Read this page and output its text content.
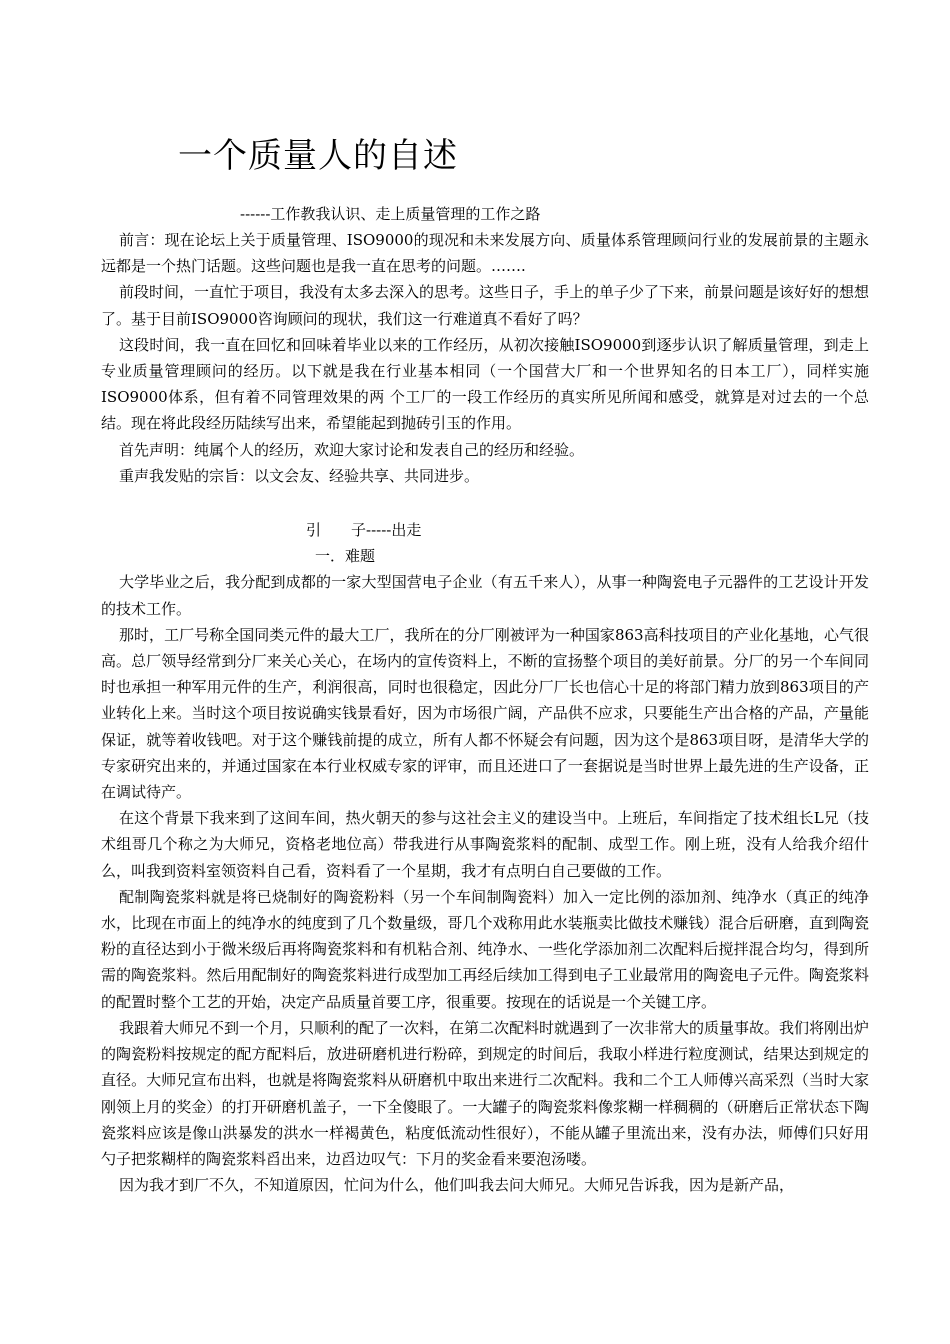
一个质量人的自述
------工作教我认识、走上质量管理的工作之路

前言：现在论坛上关于质量管理、ISO9000的现况和未来发展方向、质量体系管理顾问行业的发展前景的主题永远都是一个热门话题。这些问题也是我一直在思考的问题。…….

前段时间，一直忙于项目，我没有太多去深入的思考。这些日子，手上的单子少了下来，前景问题是该好好的想想了。基于目前ISO9000咨询顾问的现状，我们这一行难道真不看好了吗？

这段时间，我一直在回忆和回味着毕业以来的工作经历，从初次接触ISO9000到逐步认识了解质量管理，到走上专业质量管理顾问的经历。以下就是我在行业基本相同（一个国营大厂和一个世界知名的日本工厂），同样实施ISO9000体系，但有着不同管理效果的两 个工厂的一段工作经历的真实所见所闻和感受，就算是对过去的一个总结。现在将此段经历陆续写出来，希望能起到抛砖引玉的作用。

首先声明：纯属个人的经历，欢迎大家讨论和发表自己的经历和经验。

重声我发贴的宗旨：以文会友、经验共享、共同进步。

引　　子-----出走
一．难题

大学毕业之后，我分配到成都的一家大型国营电子企业（有五千来人），从事一种陶瓷电子元器件的工艺设计开发的技术工作。

那时，工厂号称全国同类元件的最大工厂，我所在的分厂刚被评为一种国家863高科技项目的产业化基地，心气很高。总厂领导经常到分厂来关心关心，在场内的宣传资料上，不断的宣扬整个项目的美好前景。分厂的另一个车间同时也承担一种军用元件的生产，利润很高，同时也很稳定，因此分厂厂长也信心十足的将部门精力放到863项目的产业转化上来。当时这个项目按说确实钱景看好，因为市场很广阔，产品供不应求，只要能生产出合格的产品，产量能保证，就等着收钱吧。对于这个赚钱前提的成立，所有人都不怀疑会有问题，因为这个是863项目呀，是清华大学的专家研究出来的，并通过国家在本行业权威专家的评审，而且还进口了一套据说是当时世界上最先进的生产设备，正在调试待产。

在这个背景下我来到了这间车间，热火朝天的参与这社会主义的建设当中。上班后，车间指定了技术组长L兄（技术组哥几个称之为大师兄，资格老地位高）带我进行从事陶瓷浆料的配制、成型工作。刚上班，没有人给我介绍什么，叫我到资料室领资料自己看，资料看了一个星期，我才有点明白自己要做的工作。

配制陶瓷浆料就是将已烧制好的陶瓷粉料（另一个车间制陶瓷料）加入一定比例的添加剂、纯净水（真正的纯净水，比现在市面上的纯净水的纯度到了几个数量级，哥几个戏称用此水装瓶卖比做技术赚钱）混合后研磨，直到陶瓷粉的直径达到小于微米级后再将陶瓷浆料和有机粘合剂、纯净水、一些化学添加剂二次配料后搅拌混合均匀，得到所需的陶瓷浆料。然后用配制好的陶瓷浆料进行成型加工再经后续加工得到电子工业最常用的陶瓷电子元件。陶瓷浆料的配置时整个工艺的开始，决定产品质量首要工序，很重要。按现在的话说是一个关键工序。

我跟着大师兄不到一个月，只顺利的配了一次料，在第二次配料时就遇到了一次非常大的质量事故。我们将刚出炉的陶瓷粉料按规定的配方配料后，放进研磨机进行粉碎，到规定的时间后，我取小样进行粒度测试，结果达到规定的直径。大师兄宣布出料，也就是将陶瓷浆料从研磨机中取出来进行二次配料。我和二个工人师傅兴高采烈（当时大家刚领上月的奖金）的打开研磨机盖子，一下全傻眼了。一大罐子的陶瓷浆料像浆糊一样稠稠的（研磨后正常状态下陶瓷浆料应该是像山洪暴发的洪水一样褐黄色，粘度低流动性很好），不能从罐子里流出来，没有办法，师傅们只好用勺子把浆糊样的陶瓷浆料舀出来，边舀边叹气：下月的奖金看来要泡汤喽。

因为我才到厂不久，不知道原因，忙问为什么，他们叫我去问大师兄。大师兄告诉我，因为是新产品，
